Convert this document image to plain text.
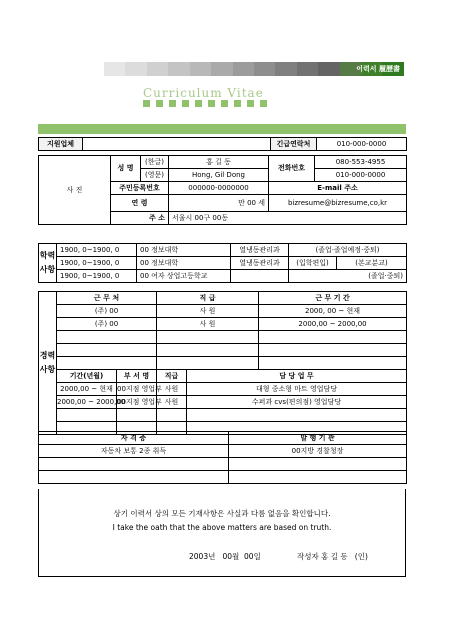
이력서 履歷書
Curriculum Vitae
지원업체		긴급연락처	010-000-0000
사 진	성 명	(한글)	홍 길 동	전화번호	080-553-4955
		(영문)	Hong, Gil Dong		010-000-0000
	주민등록번호		000000-0000000	E-mail 주소	
	연 령		만 00 세	bizresume@bizresume,co,kr	
	주 소		서울시 00구 00동		
학력사항	1900, 0~1900, 0	00 정보대학	열냉동관리과	(졸업·졸업예정·중퇴)	
	1900, 0~1900, 0	00 정보대학	열냉동관리과	(입학편입)	(본교분교)
	1900, 0~1900, 0	00 여자 상업고등학교		(졸업·중퇴)	
경력사항	근 무 처		직 급		근 무 기 간
	(주) 00		사 원		2000, 00 ~ 현재
	(주) 00		사 원		2000,00 ~ 2000,00

	기간(년월)	부 서 명	직급	담 당 업 무	
	2000,00 ~ 현재	00지점 영업부	사원	대형 중소형 마트 영업담당	
	2000,00 ~ 2000,00	00지점 영업부	사원	수퍼과 cvs(편의점) 영업담당	

자 격 증	발 행 기 관
자동차 보통 2종 취득	00지방 경찰청장

상기 이력서 상의 모든 기재사항은 사실과 다름 없음을 확인합니다.
I take the oath that the above matters are based on truth.
2003년   00월  00일	작성자 홍 길 동   (인)
